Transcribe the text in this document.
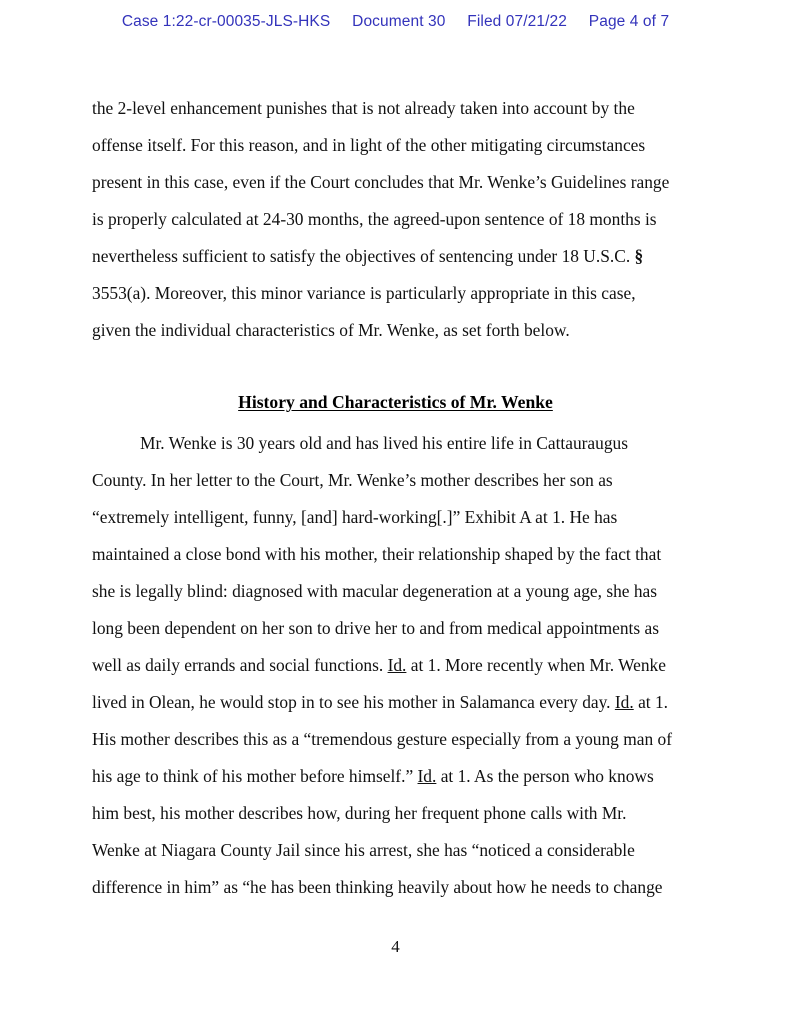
Case 1:22-cr-00035-JLS-HKS Document 30 Filed 07/21/22 Page 4 of 7

the 2-level enhancement punishes that is not already taken into account by the
offense itself. For this reason, and in light of the other mitigating circumstances
present in this case, even if the Court concludes that Mr. Wenke’s Guidelines range
is properly calculated at 24-30 months, the agreed-upon sentence of 18 months is
nevertheless sufficient to satisfy the objectives of sentencing under 18 U.S.C. §
3553(a). Moreover, this minor variance is particularly appropriate in this case,
given the individual characteristics of Mr. Wenke, as set forth below.

History and Characteristics of Mr. Wenke

Mr. Wenke is 30 years old and has lived his entire life in Cattauraugus
County. In her letter to the Court, Mr. Wenke’s mother describes her son as
“extremely intelligent, funny, [and] hard-working[.]” Exhibit A at 1. He has
maintained a close bond with his mother, their relationship shaped by the fact that
she is legally blind: diagnosed with macular degeneration at a young age, she has
long been dependent on her son to drive her to and from medical appointments as
well as daily errands and social functions. Id. at 1. More recently when Mr. Wenke
lived in Olean, he would stop in to see his mother in Salamanca every day. Id. at 1.
His mother describes this as a “tremendous gesture especially from a young man of
his age to think of his mother before himself.” Id. at 1. As the person who knows
him best, his mother describes how, during her frequent phone calls with Mr.
Wenke at Niagara County Jail since his arrest, she has “noticed a considerable
difference in him” as “he has been thinking heavily about how he needs to change

4
